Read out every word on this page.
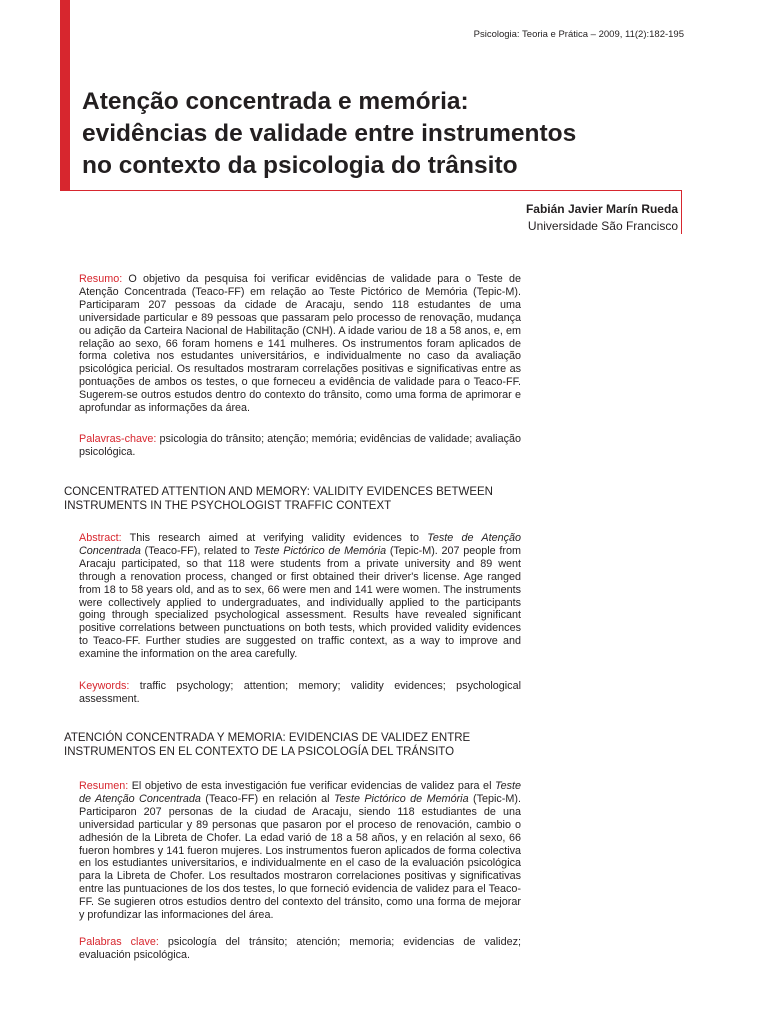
Psicologia: Teoria e Prática – 2009, 11(2):182-195
Atenção concentrada e memória:
evidências de validade entre instrumentos
no contexto da psicologia do trânsito
Fabián Javier Marín Rueda
Universidade São Francisco
Resumo: O objetivo da pesquisa foi verificar evidências de validade para o Teste de Atenção Concentrada (Teaco-FF) em relação ao Teste Pictórico de Memória (Tepic-M). Participaram 207 pessoas da cidade de Aracaju, sendo 118 estudantes de uma universidade particular e 89 pessoas que passaram pelo processo de renovação, mudança ou adição da Carteira Nacional de Habilitação (CNH). A idade variou de 18 a 58 anos, e, em relação ao sexo, 66 foram homens e 141 mulheres. Os instrumentos foram aplicados de forma coletiva nos estudantes universitários, e individualmente no caso da avaliação psicológica pericial. Os resultados mostraram correlações positivas e significativas entre as pontuações de ambos os testes, o que forneceu a evidência de validade para o Teaco-FF. Sugerem-se outros estudos dentro do contexto do trânsito, como uma forma de aprimorar e aprofundar as informações da área.
Palavras-chave: psicologia do trânsito; atenção; memória; evidências de validade; avaliação psicológica.
CONCENTRATED ATTENTION AND MEMORY: VALIDITY EVIDENCES BETWEEN INSTRUMENTS IN THE PSYCHOLOGIST TRAFFIC CONTEXT
Abstract: This research aimed at verifying validity evidences to Teste de Atenção Concentrada (Teaco-FF), related to Teste Pictórico de Memória (Tepic-M). 207 people from Aracaju participated, so that 118 were students from a private university and 89 went through a renovation process, changed or first obtained their driver's license. Age ranged from 18 to 58 years old, and as to sex, 66 were men and 141 were women. The instruments were collectively applied to undergraduates, and individually applied to the participants going through specialized psychological assessment. Results have revealed significant positive correlations between punctuations on both tests, which provided validity evidences to Teaco-FF. Further studies are suggested on traffic context, as a way to improve and examine the information on the area carefully.
Keywords: traffic psychology; attention; memory; validity evidences; psychological assessment.
ATENCIÓN CONCENTRADA Y MEMORIA: EVIDENCIAS DE VALIDEZ ENTRE INSTRUMENTOS EN EL CONTEXTO DE LA PSICOLOGÍA DEL TRÁNSITO
Resumen: El objetivo de esta investigación fue verificar evidencias de validez para el Teste de Atenção Concentrada (Teaco-FF) en relación al Teste Pictórico de Memória (Tepic-M). Participaron 207 personas de la ciudad de Aracaju, siendo 118 estudiantes de una universidad particular y 89 personas que pasaron por el proceso de renovación, cambio o adhesión de la Libreta de Chofer. La edad varió de 18 a 58 años, y en relación al sexo, 66 fueron hombres y 141 fueron mujeres. Los instrumentos fueron aplicados de forma colectiva en los estudiantes universitarios, e individualmente en el caso de la evaluación psicológica para la Libreta de Chofer. Los resultados mostraron correlaciones positivas y significativas entre las puntuaciones de los dos testes, lo que forneció evidencia de validez para el Teaco-FF. Se sugieren otros estudios dentro del contexto del tránsito, como una forma de mejorar y profundizar las informaciones del área.
Palabras clave: psicología del tránsito; atención; memoria; evidencias de validez; evaluación psicológica.
